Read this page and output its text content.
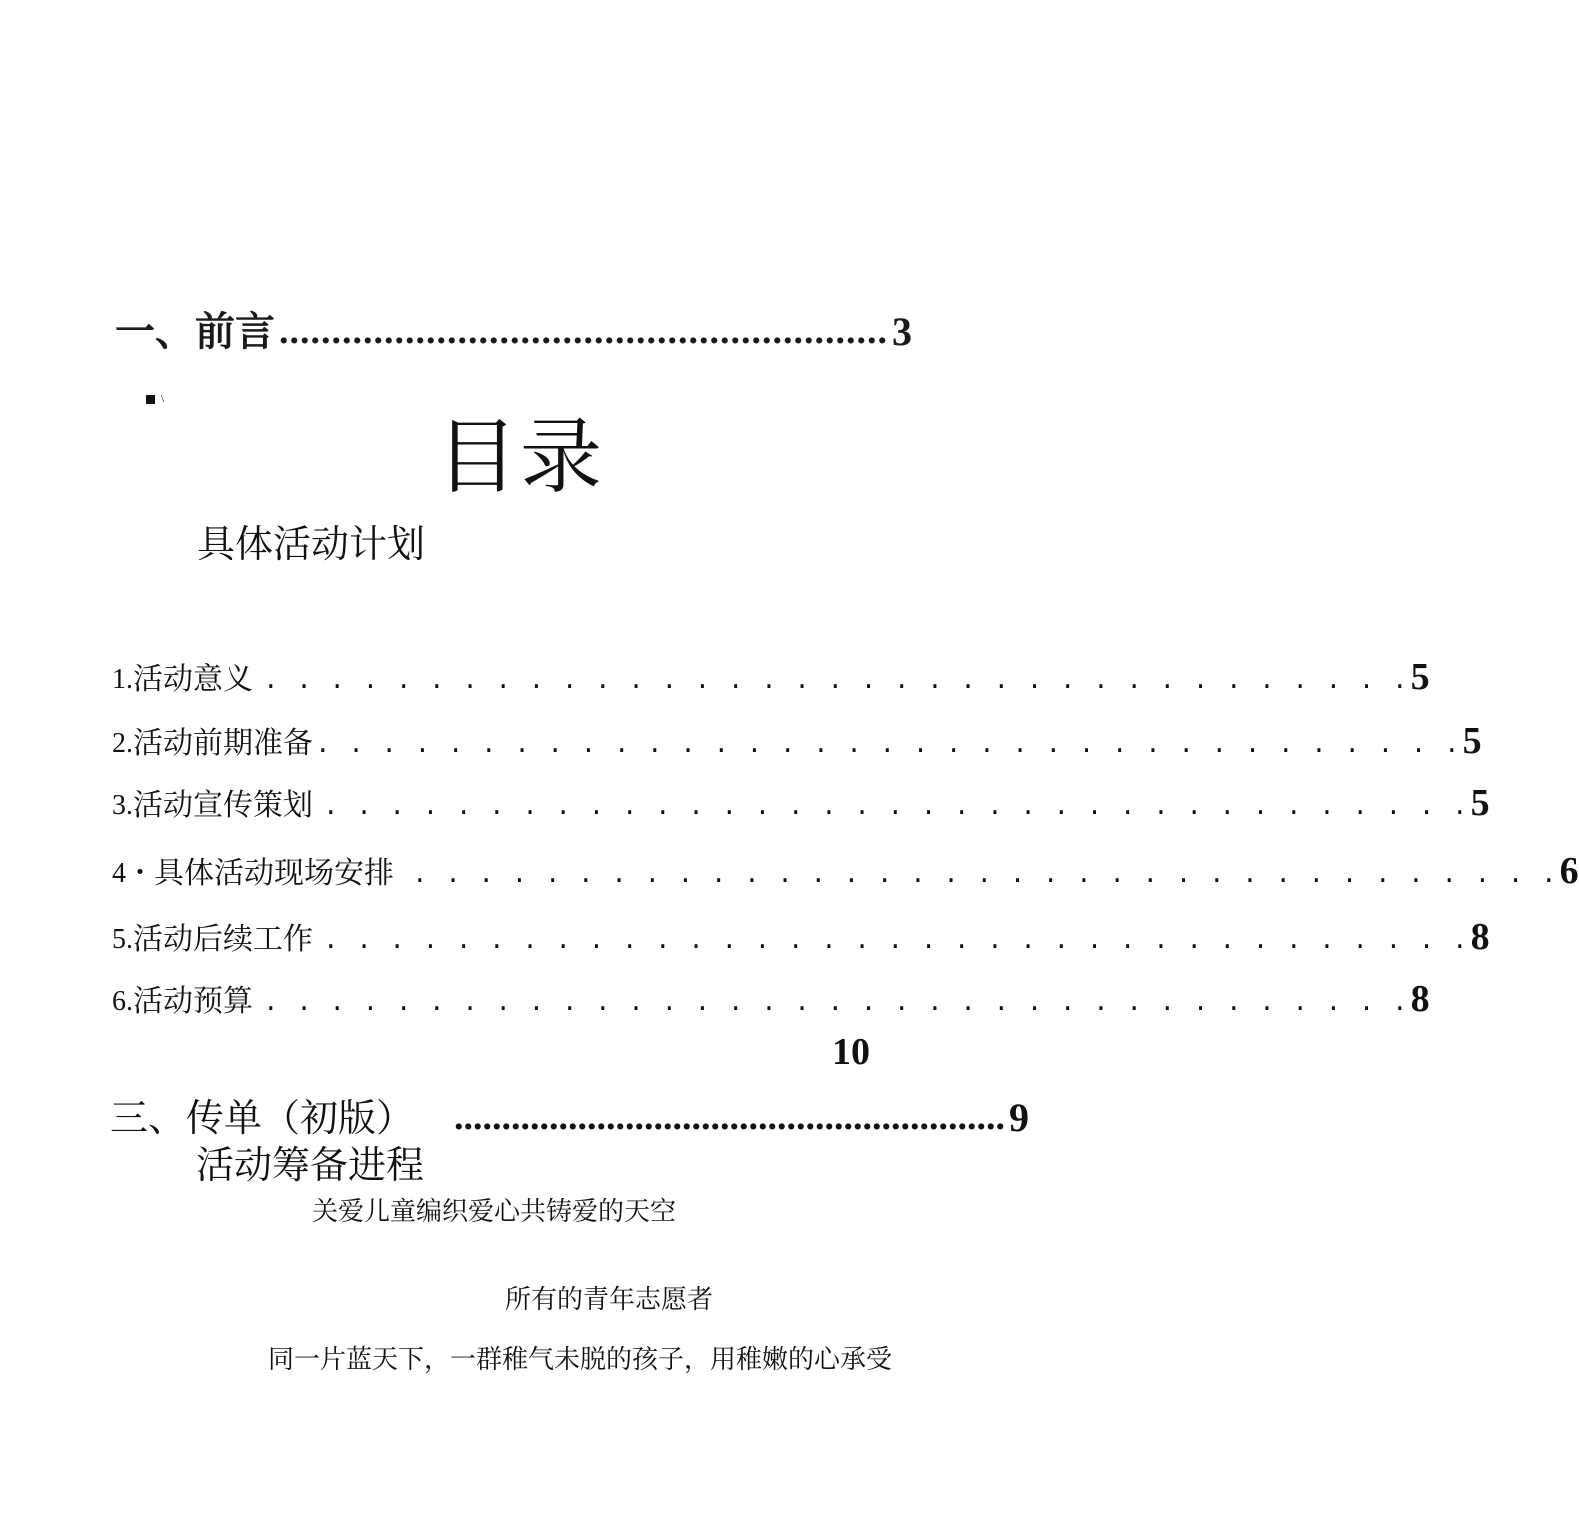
一、前言 .......................................................... 3
\
目录
具体活动计划
1. 活动意义 . . . . . . . . . . . . . . . . . . . . . . . . . . . . . . . . . . . 5
2. 活动前期准备 . . . . . . . . . . . . . . . . . . . . . . . . . . . . . . . . . . . 5
3. 活动宣传策划 . . . . . . . . . . . . . . . . . . . . . . . . . . . . . . . . . . . 5
4・ 具体活动现场安排 . . . . . . . . . . . . . . . . . . . . . . . . . . . . . . . . . . . 6
5. 活动后续工作 . . . . . . . . . . . . . . . . . . . . . . . . . . . . . . . . . . . 8
6. 活动预算 . . . . . . . . . . . . . . . . . . . . . . . . . . . . . . . . . . . 8
10
三、传单（初版） .......................................................... 9
活动筹备进程
关爱儿童编织爱心共铸爱的天空
所有的青年志愿者
同一片蓝天下，一群稚气未脱的孩子，用稚嫩的心承受
